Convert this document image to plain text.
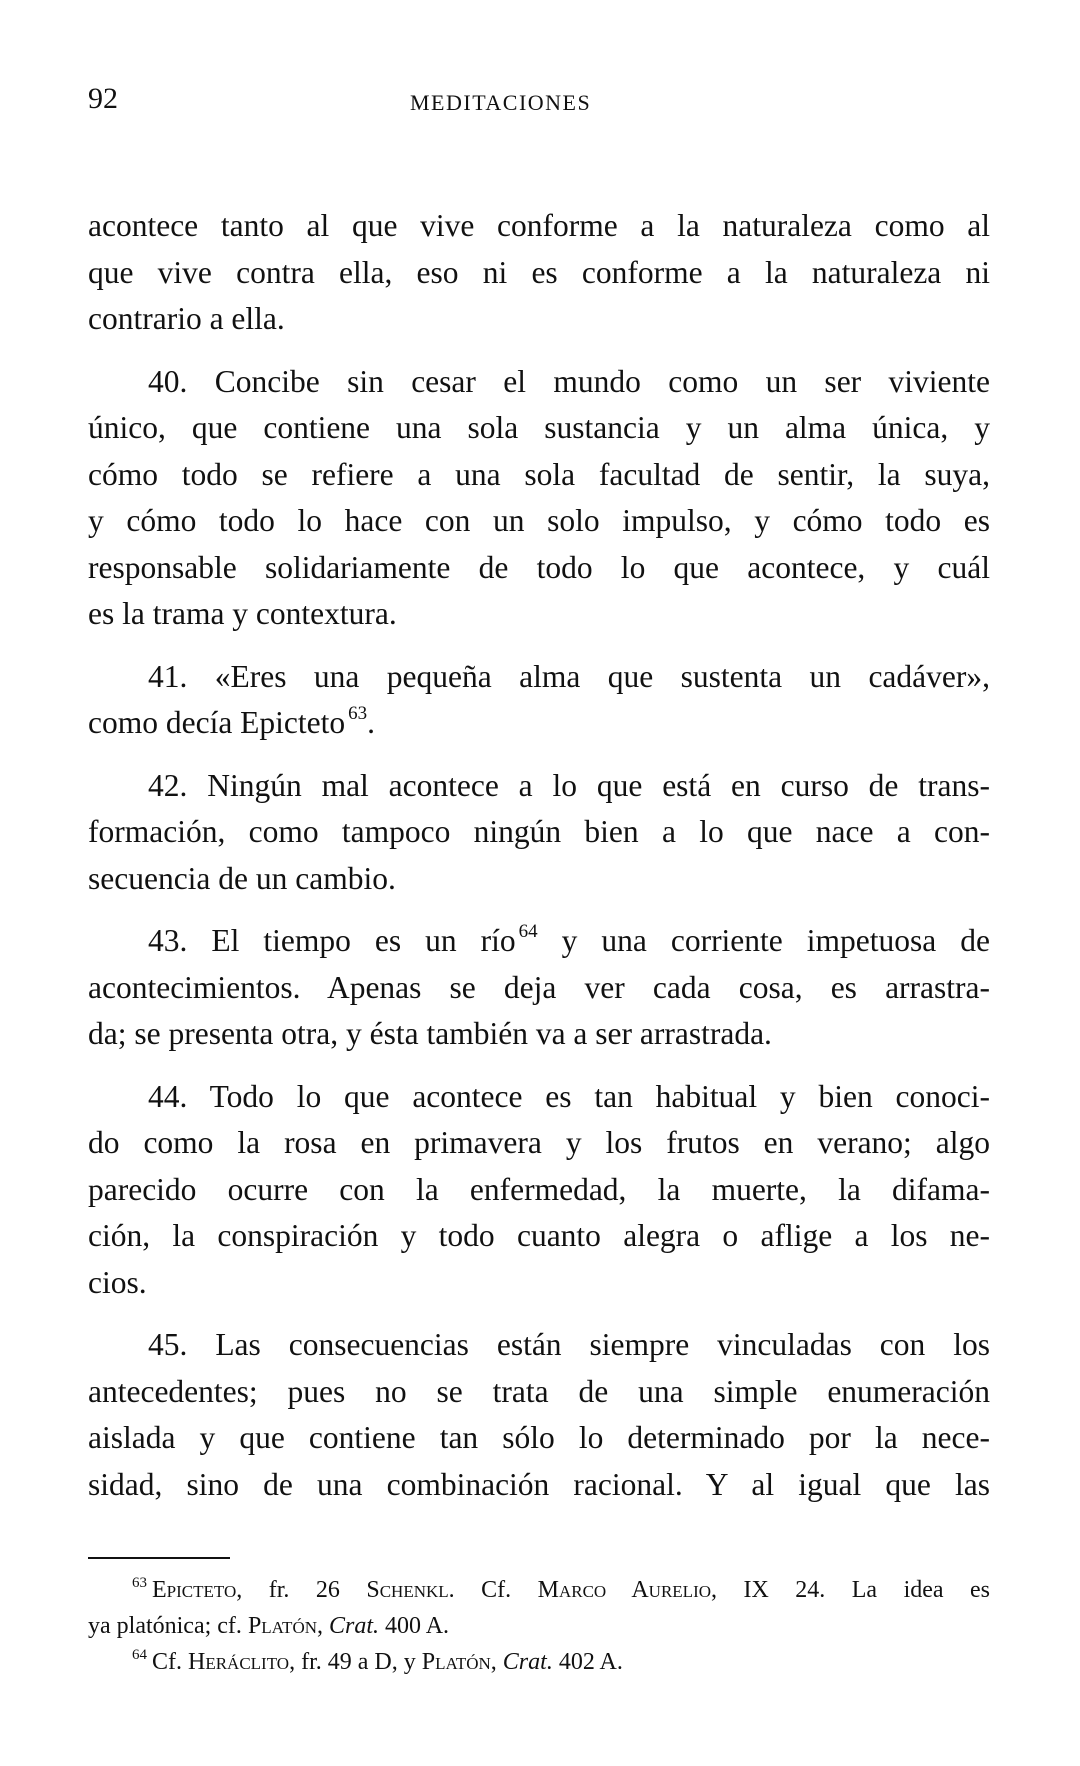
92	MEDITACIONES

acontece tanto al que vive conforme a la naturaleza como al
que vive contra ella, eso ni es conforme a la naturaleza ni
contrario a ella.

40. Concibe sin cesar el mundo como un ser viviente
único, que contiene una sola sustancia y un alma única, y
cómo todo se refiere a una sola facultad de sentir, la suya,
y cómo todo lo hace con un solo impulso, y cómo todo es
responsable solidariamente de todo lo que acontece, y cuál
es la trama y contextura.

41. «Eres una pequeña alma que sustenta un cadáver»,
como decía Epicteto $^{63}$.

42. Ningún mal acontece a lo que está en curso de trans-
formación, como tampoco ningún bien a lo que nace a con-
secuencia de un cambio.

43. El tiempo es un río $^{64}$ y una corriente impetuosa de
acontecimientos. Apenas se deja ver cada cosa, es arrastra-
da; se presenta otra, y ésta también va a ser arrastrada.

44. Todo lo que acontece es tan habitual y bien conoci-
do como la rosa en primavera y los frutos en verano; algo
parecido ocurre con la enfermedad, la muerte, la difama-
ción, la conspiración y todo cuanto alegra o aflige a los ne-
cios.

45. Las consecuencias están siempre vinculadas con los
antecedentes; pues no se trata de una simple enumeración
aislada y que contiene tan sólo lo determinado por la nece-
sidad, sino de una combinación racional. Y al igual que las

$^{63}$ Epicteto, fr. 26 Schenkl. Cf. Marco Aurelio, IX 24. La idea es
ya platónica; cf. Platón, Crat. 400 A.
$^{64}$ Cf. Heráclito, fr. 49 a D, y Platón, Crat. 402 A.
